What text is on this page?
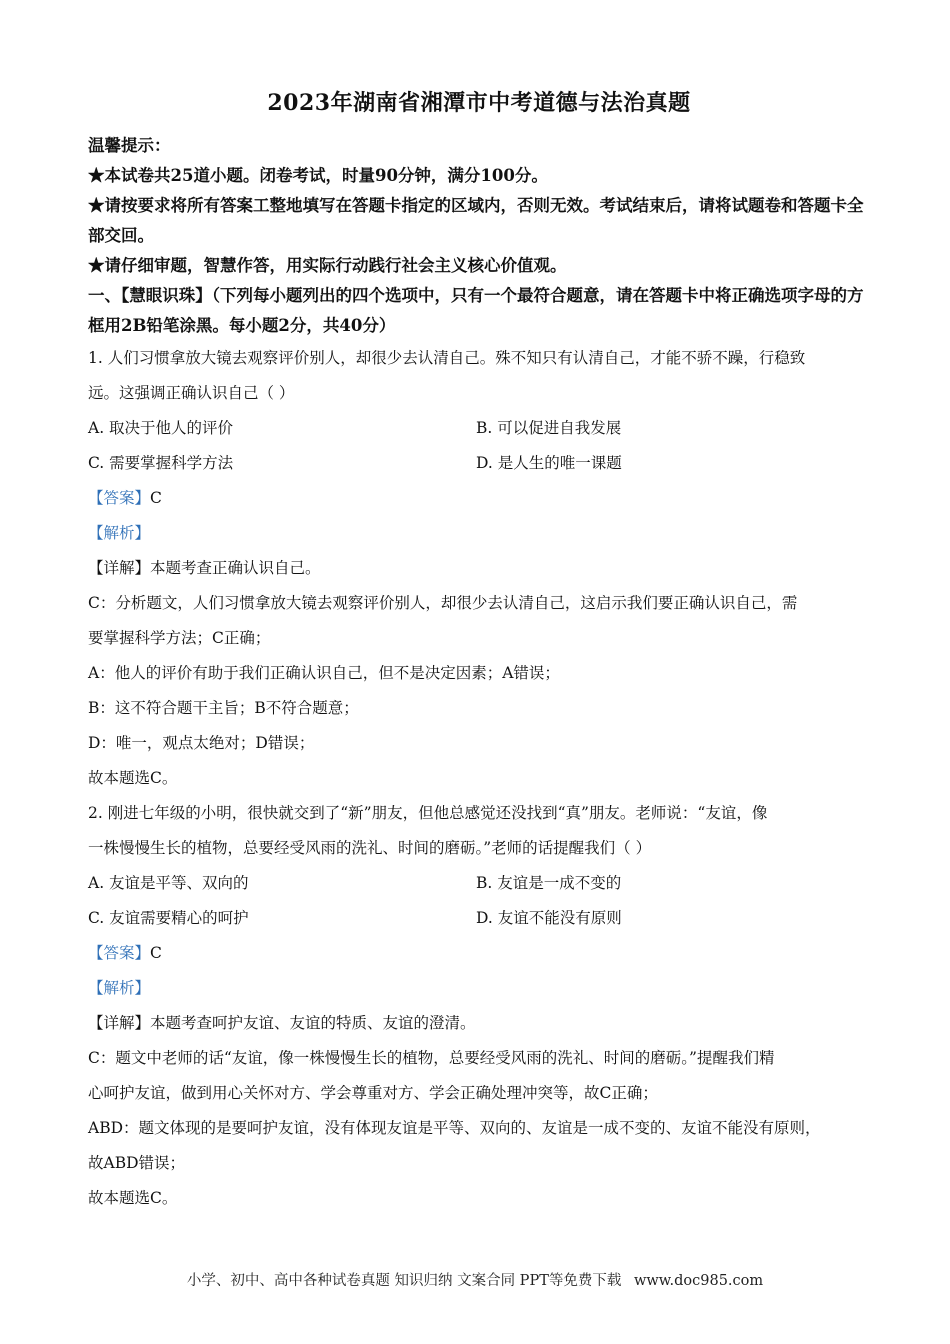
2023年湖南省湘潭市中考道德与法治真题
温馨提示：
★本试卷共25道小题。闭卷考试，时量90分钟，满分100分。
★请按要求将所有答案工整地填写在答题卡指定的区域内，否则无效。考试结束后，请将试题卷和答题卡全部交回。
★请仔细审题，智慧作答，用实际行动践行社会主义核心价值观。
一、【慧眼识珠】（下列每小题列出的四个选项中，只有一个最符合题意，请在答题卡中将正确选项字母的方框用2B铅笔涂黑。每小题2分，共40分）
1. 人们习惯拿放大镜去观察评价别人，却很少去认清自己。殊不知只有认清自己，才能不骄不躁，行稳致
远。这强调正确认识自己（ ）
A. 取决于他人的评价	B. 可以促进自我发展
C. 需要掌握科学方法	D. 是人生的唯一课题
【答案】C
【解析】
【详解】本题考查正确认识自己。
C：分析题文，人们习惯拿放大镜去观察评价别人，却很少去认清自己，这启示我们要正确认识自己，需
要掌握科学方法；C正确；
A：他人的评价有助于我们正确认识自己，但不是决定因素；A错误；
B：这不符合题干主旨；B不符合题意；
D：唯一，观点太绝对；D错误；
故本题选C。
2. 刚进七年级的小明，很快就交到了“新”朋友，但他总感觉还没找到“真”朋友。老师说：“友谊，像
一株慢慢生长的植物，总要经受风雨的洗礼、时间的磨砺。”老师的话提醒我们（ ）
A. 友谊是平等、双向的	B. 友谊是一成不变的
C. 友谊需要精心的呵护	D. 友谊不能没有原则
【答案】C
【解析】
【详解】本题考查呵护友谊、友谊的特质、友谊的澄清。
C：题文中老师的话“友谊，像一株慢慢生长的植物，总要经受风雨的洗礼、时间的磨砺。”提醒我们精
心呵护友谊，做到用心关怀对方、学会尊重对方、学会正确处理冲突等，故C正确；
ABD：题文体现的是要呵护友谊，没有体现友谊是平等、双向的、友谊是一成不变的、友谊不能没有原则，
故ABD错误；
故本题选C。
小学、初中、高中各种试卷真题 知识归纳 文案合同 PPT等免费下载 www.doc985.com
